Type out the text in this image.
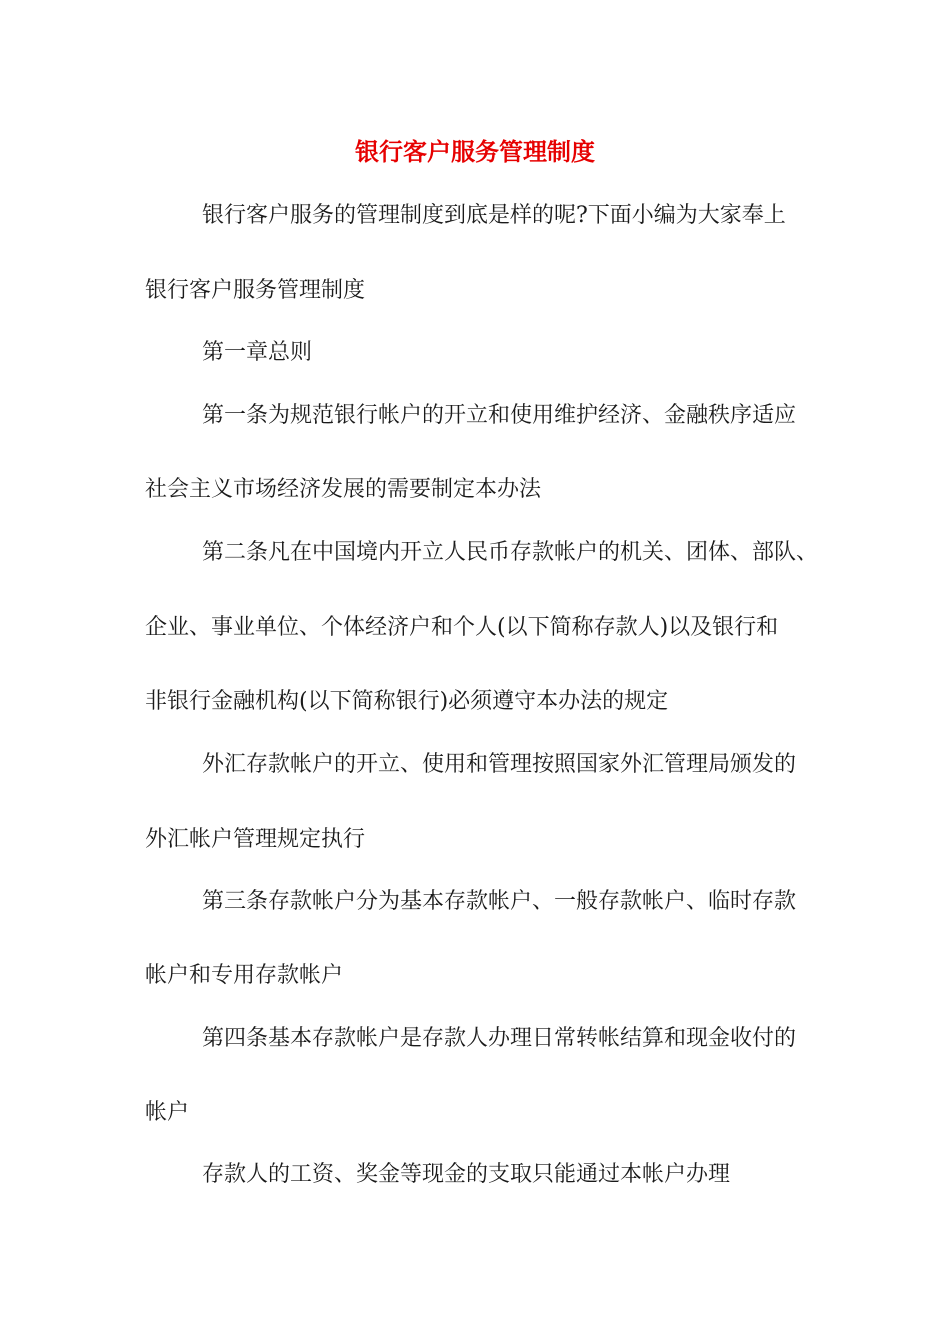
银行客户服务管理制度
银行客户服务的管理制度到底是样的呢?下面小编为大家奉上
银行客户服务管理制度
第一章总则
第一条为规范银行帐户的开立和使用维护经济、金融秩序适应
社会主义市场经济发展的需要制定本办法
第二条凡在中国境内开立人民币存款帐户的机关、团体、部队、
企业、事业单位、个体经济户和个人(以下简称存款人)以及银行和
非银行金融机构(以下简称银行)必须遵守本办法的规定
外汇存款帐户的开立、使用和管理按照国家外汇管理局颁发的
外汇帐户管理规定执行
第三条存款帐户分为基本存款帐户、一般存款帐户、临时存款
帐户和专用存款帐户
第四条基本存款帐户是存款人办理日常转帐结算和现金收付的
帐户
存款人的工资、奖金等现金的支取只能通过本帐户办理
